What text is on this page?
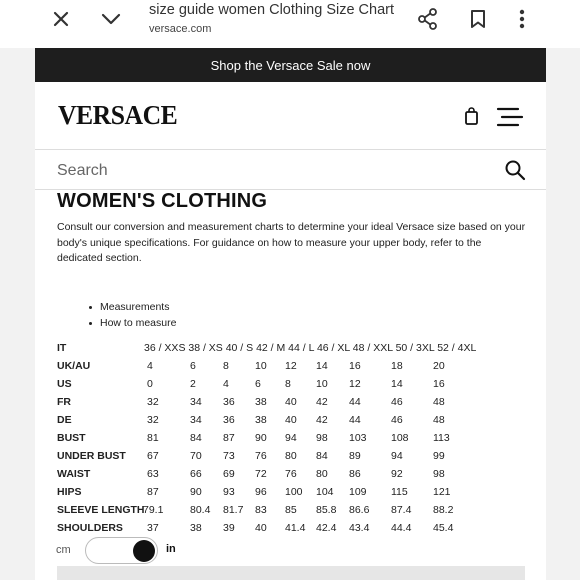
size guide women Clothing Size Chart
versace.com
Shop the Versace Sale now
VERSACE
Search
WOMEN'S CLOTHING
Consult our conversion and measurement charts to determine your ideal Versace size based on your body's unique specifications. For guidance on how to measure your upper body, refer to the dedicated section.
Measurements
How to measure
IT	36 / XXS 38 / XS 40 / S 42 / M 44 / L 46 / XL 48 / XXL 50 / 3XL 52 / 4XL
UK/AU	4	6	8 10 12 14 16	18	20
US	0	2	4 6 8 10 12	14	16
FR	32	34 36 38 40 42 44	46	48
DE	32	34 36 38 40 42 44	46	48
BUST	81	84 87 90 94 98 103 108 113
UNDER BUST 67	70 73 76 80 84 89	94	99
WAIST	63	66 69 72 76 80 86	92	98
HIPS	87	90 93 96 100 104 109 115 121
SLEEVE LENGTH
79.1	80.4 81.7 83 85 85.8 86.6 87.4 88.2
SHOULDERS 37	38 39 40 41.4 42.4 43.4 44.4 45.4
cm	in
